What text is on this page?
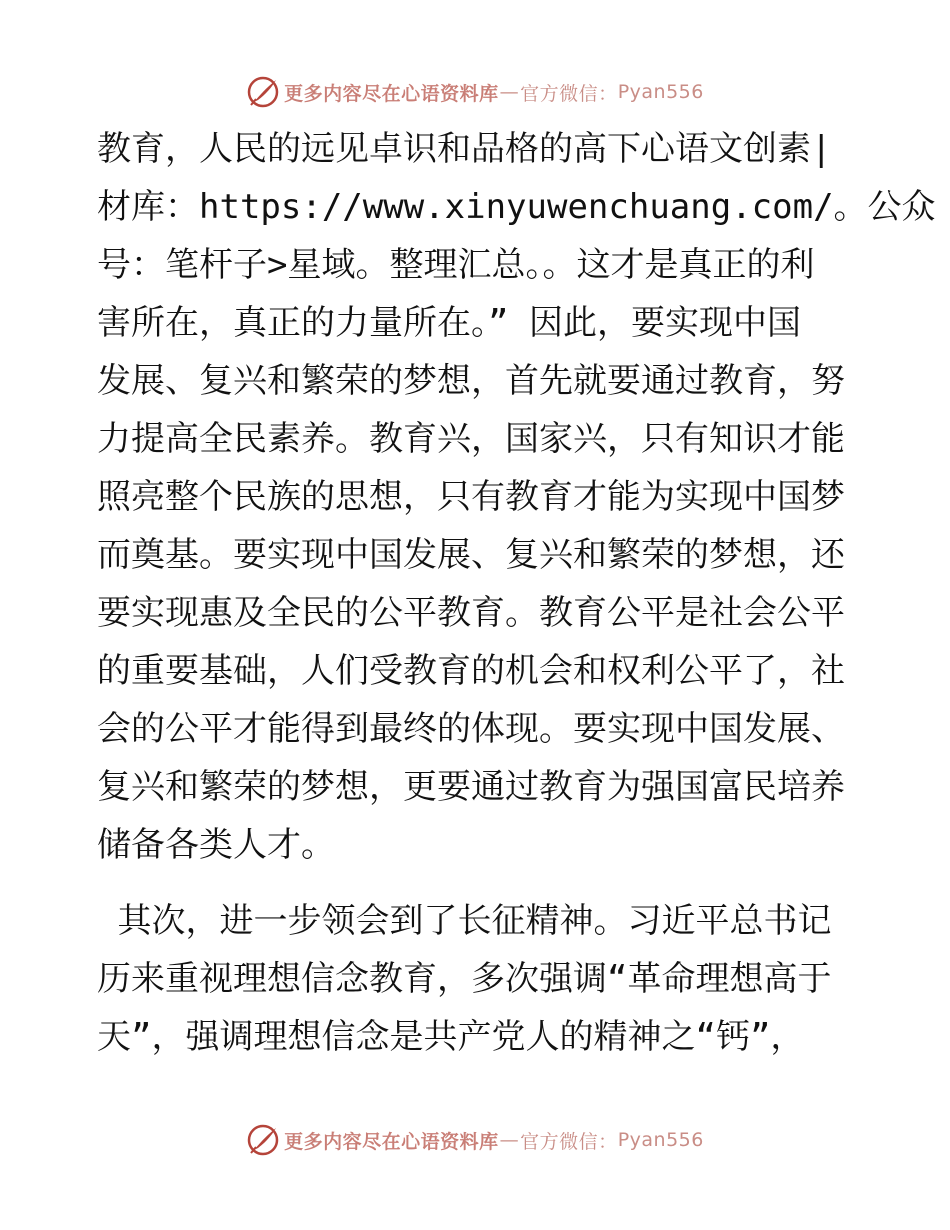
更多内容尽在心语资料库 — 官方微信： Pyan556
教育，人民的远见卓识和品格的高下心语文创素|
材库：https://www.xinyuwenchuang.com/。公众
号：笔杆子>星域。整理汇总。。这才是真正的利
害所在，真正的力量所在。” 因此，要实现中国
发展、复兴和繁荣的梦想，首先就要通过教育，努
力提高全民素养。教育兴，国家兴，只有知识才能
照亮整个民族的思想，只有教育才能为实现中国梦
而奠基。要实现中国发展、复兴和繁荣的梦想，还
要实现惠及全民的公平教育。教育公平是社会公平
的重要基础，人们受教育的机会和权利公平了，社
会的公平才能得到最终的体现。要实现中国发展、
复兴和繁荣的梦想，更要通过教育为强国富民培养
储备各类人才。
其次，进一步领会到了长征精神。习近平总书记
历来重视理想信念教育，多次强调“革命理想高于
天”，强调理想信念是共产党人的精神之“钙”，
更多内容尽在心语资料库 — 官方微信： Pyan556
